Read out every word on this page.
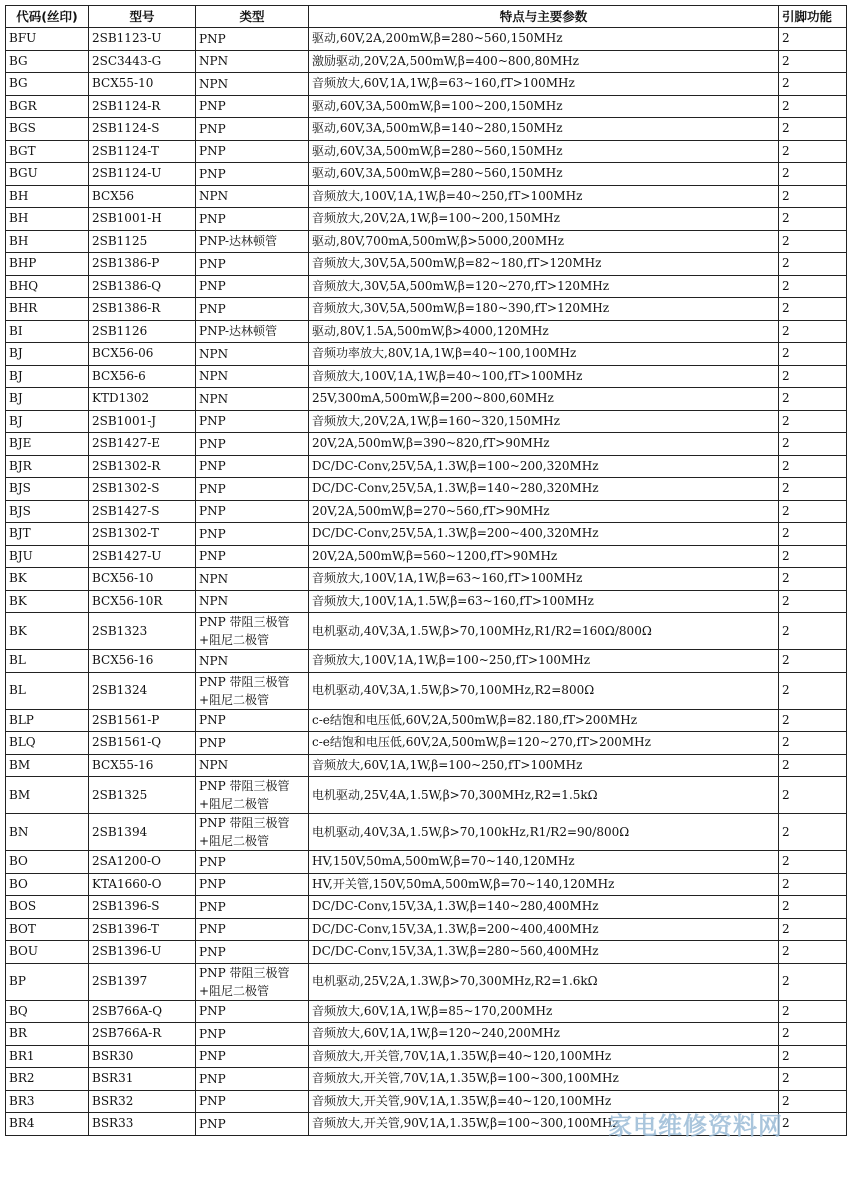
代码(丝印)	型号	类型	特点与主要参数	引脚功能
BFU	2SB1123-U	PNP	驱动,60V,2A,200mW,β=280~560,150MHz	2
BG	2SC3443-G	NPN	激励驱动,20V,2A,500mW,β=400~800,80MHz	2
BG	BCX55-10	NPN	音频放大,60V,1A,1W,β=63~160,fT>100MHz	2
BGR	2SB1124-R	PNP	驱动,60V,3A,500mW,β=100~200,150MHz	2
BGS	2SB1124-S	PNP	驱动,60V,3A,500mW,β=140~280,150MHz	2
BGT	2SB1124-T	PNP	驱动,60V,3A,500mW,β=280~560,150MHz	2
BGU	2SB1124-U	PNP	驱动,60V,3A,500mW,β=280~560,150MHz	2
BH	BCX56	NPN	音频放大,100V,1A,1W,β=40~250,fT>100MHz	2
BH	2SB1001-H	PNP	音频放大,20V,2A,1W,β=100~200,150MHz	2
BH	2SB1125	PNP-达林顿管	驱动,80V,700mA,500mW,β>5000,200MHz	2
BHP	2SB1386-P	PNP	音频放大,30V,5A,500mW,β=82~180,fT>120MHz	2
BHQ	2SB1386-Q	PNP	音频放大,30V,5A,500mW,β=120~270,fT>120MHz	2
BHR	2SB1386-R	PNP	音频放大,30V,5A,500mW,β=180~390,fT>120MHz	2
BI	2SB1126	PNP-达林顿管	驱动,80V,1.5A,500mW,β>4000,120MHz	2
BJ	BCX56-06	NPN	音频功率放大,80V,1A,1W,β=40~100,100MHz	2
BJ	BCX56-6	NPN	音频放大,100V,1A,1W,β=40~100,fT>100MHz	2
BJ	KTD1302	NPN	25V,300mA,500mW,β=200~800,60MHz	2
BJ	2SB1001-J	PNP	音频放大,20V,2A,1W,β=160~320,150MHz	2
BJE	2SB1427-E	PNP	20V,2A,500mW,β=390~820,fT>90MHz	2
BJR	2SB1302-R	PNP	DC/DC-Conv,25V,5A,1.3W,β=100~200,320MHz	2
BJS	2SB1302-S	PNP	DC/DC-Conv,25V,5A,1.3W,β=140~280,320MHz	2
BJS	2SB1427-S	PNP	20V,2A,500mW,β=270~560,fT>90MHz	2
BJT	2SB1302-T	PNP	DC/DC-Conv,25V,5A,1.3W,β=200~400,320MHz	2
BJU	2SB1427-U	PNP	20V,2A,500mW,β=560~1200,fT>90MHz	2
BK	BCX56-10	NPN	音频放大,100V,1A,1W,β=63~160,fT>100MHz	2
BK	BCX56-10R	NPN	音频放大,100V,1A,1.5W,β=63~160,fT>100MHz	2
BK	2SB1323	PNP 带阻三极管+阻尼二极管	电机驱动,40V,3A,1.5W,β>70,100MHz,R1/R2=160Ω/800Ω	2
BL	BCX56-16	NPN	音频放大,100V,1A,1W,β=100~250,fT>100MHz	2
BL	2SB1324	PNP 带阻三极管+阻尼二极管	电机驱动,40V,3A,1.5W,β>70,100MHz,R2=800Ω	2
BLP	2SB1561-P	PNP	c-e结饱和电压低,60V,2A,500mW,β=82.180,fT>200MHz	2
BLQ	2SB1561-Q	PNP	c-e结饱和电压低,60V,2A,500mW,β=120~270,fT>200MHz	2
BM	BCX55-16	NPN	音频放大,60V,1A,1W,β=100~250,fT>100MHz	2
BM	2SB1325	PNP 带阻三极管+阻尼二极管	电机驱动,25V,4A,1.5W,β>70,300MHz,R2=1.5kΩ	2
BN	2SB1394	PNP 带阻三极管+阻尼二极管	电机驱动,40V,3A,1.5W,β>70,100kHz,R1/R2=90/800Ω	2
BO	2SA1200-O	PNP	HV,150V,50mA,500mW,β=70~140,120MHz	2
BO	KTA1660-O	PNP	HV,开关管,150V,50mA,500mW,β=70~140,120MHz	2
BOS	2SB1396-S	PNP	DC/DC-Conv,15V,3A,1.3W,β=140~280,400MHz	2
BOT	2SB1396-T	PNP	DC/DC-Conv,15V,3A,1.3W,β=200~400,400MHz	2
BOU	2SB1396-U	PNP	DC/DC-Conv,15V,3A,1.3W,β=280~560,400MHz	2
BP	2SB1397	PNP 带阻三极管+阻尼二极管	电机驱动,25V,2A,1.3W,β>70,300MHz,R2=1.6kΩ	2
BQ	2SB766A-Q	PNP	音频放大,60V,1A,1W,β=85~170,200MHz	2
BR	2SB766A-R	PNP	音频放大,60V,1A,1W,β=120~240,200MHz	2
BR1	BSR30	PNP	音频放大,开关管,70V,1A,1.35W,β=40~120,100MHz	2
BR2	BSR31	PNP	音频放大,开关管,70V,1A,1.35W,β=100~300,100MHz	2
BR3	BSR32	PNP	音频放大,开关管,90V,1A,1.35W,β=40~120,100MHz	2
BR4	BSR33	PNP	音频放大,开关管,90V,1A,1.35W,β=100~300,100MHz	2
家电维修资料网
